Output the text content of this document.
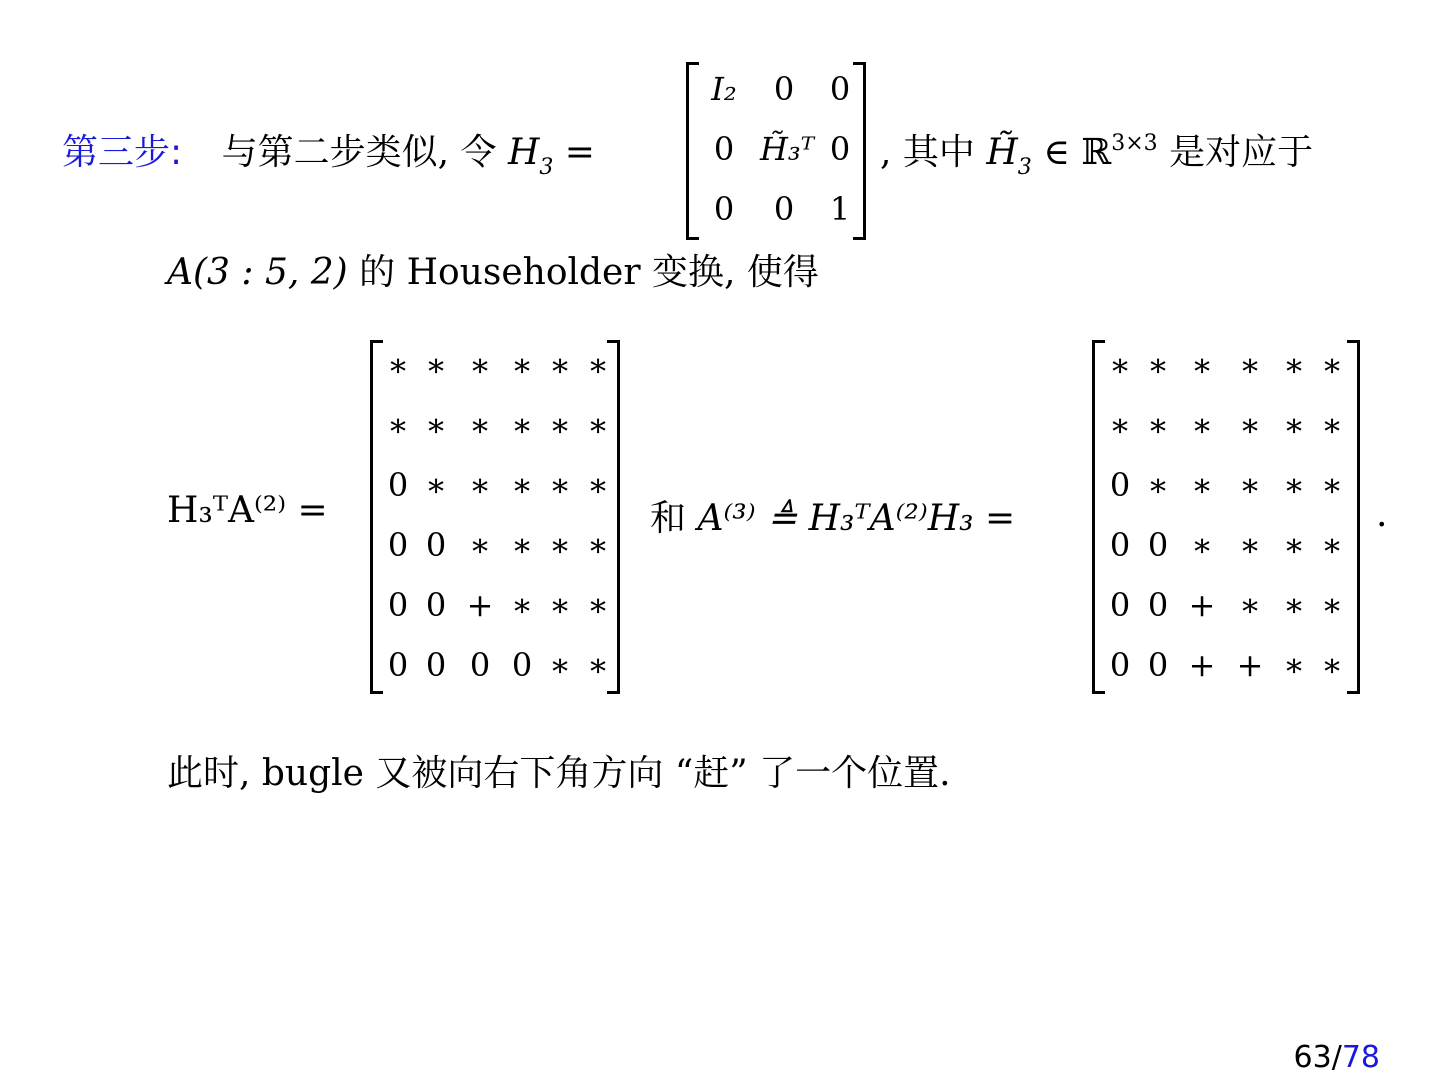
第三步: 与第二步类似, 令 $H_3$ =
I₂	0	0
0 H̃₃ᵀ 0
0	0	1
, 其中 $H̃_3$ ∈ ℝ$^{3\times 3}$ 是对应于
A(3 : 5, 2) 的 Householder 变换, 使得
H₃ᵀA⁽²⁾ =
∗ ∗ ∗ ∗ ∗ ∗
∗ ∗ ∗ ∗ ∗ ∗
0 ∗ ∗ ∗ ∗ ∗
0 0 ∗ ∗ ∗ ∗
0 0 + ∗ ∗ ∗
0 0 0 0 ∗ ∗
和 A⁽³⁾ ≜ H₃ᵀA⁽²⁾H₃ =
∗ ∗ ∗ ∗ ∗ ∗
∗ ∗ ∗ ∗ ∗ ∗
0 ∗ ∗ ∗ ∗ ∗
0 0 ∗ ∗ ∗ ∗
0 0 + ∗ ∗ ∗
0 0 + + ∗ ∗
.
此时, bugle 又被向右下角方向 “赶” 了一个位置.
63/78
